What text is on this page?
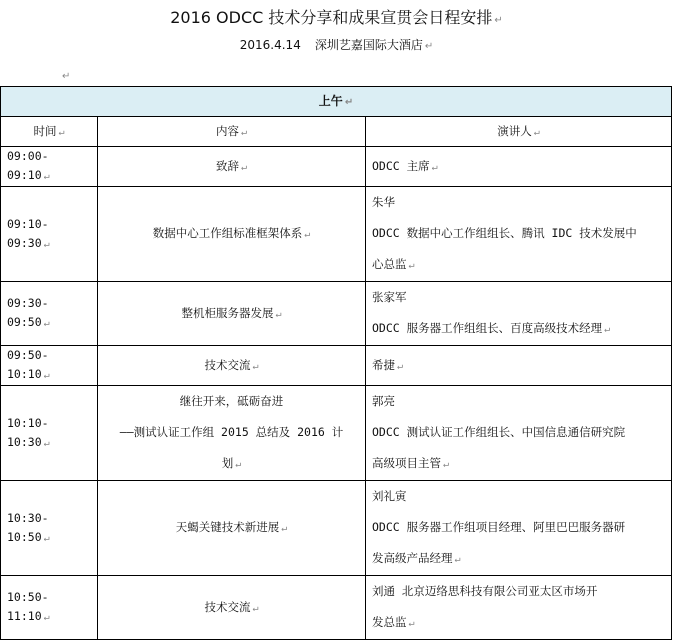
2016 ODCC 技术分享和成果宣贯会日程安排 ↵
2016.4.14 深圳艺嘉国际大酒店 ↵
↵
上午 ↵		
时间 ↵	内容 ↵	演讲人 ↵
09:00-09:10 ↵	致辞 ↵	ODCC 主席 ↵

09:10-09:30 ↵	数据中心工作组标准框架体系 ↵	朱华
ODCC 数据中心工作组组长、腾讯 IDC 技术发展中
心总监 ↵

09:30-09:50 ↵	整机柜服务器发展 ↵	张家军
ODCC 服务器工作组组长、百度高级技术经理 ↵

09:50-10:10 ↵	技术交流 ↵	希捷 ↵

10:10-10:30 ↵	继往开来，砥砺奋进
——测试认证工作组 2015 总结及 2016 计
划 ↵	郭亮
ODCC 测试认证工作组组长、中国信息通信研究院
高级项目主管 ↵

10:30-10:50 ↵	天蝎关键技术新进展 ↵	刘礼寅
ODCC 服务器工作组项目经理、阿里巴巴服务器研
发高级产品经理 ↵

10:50-11:10 ↵	技术交流 ↵	刘通 北京迈络思科技有限公司亚太区市场开
发总监 ↵
